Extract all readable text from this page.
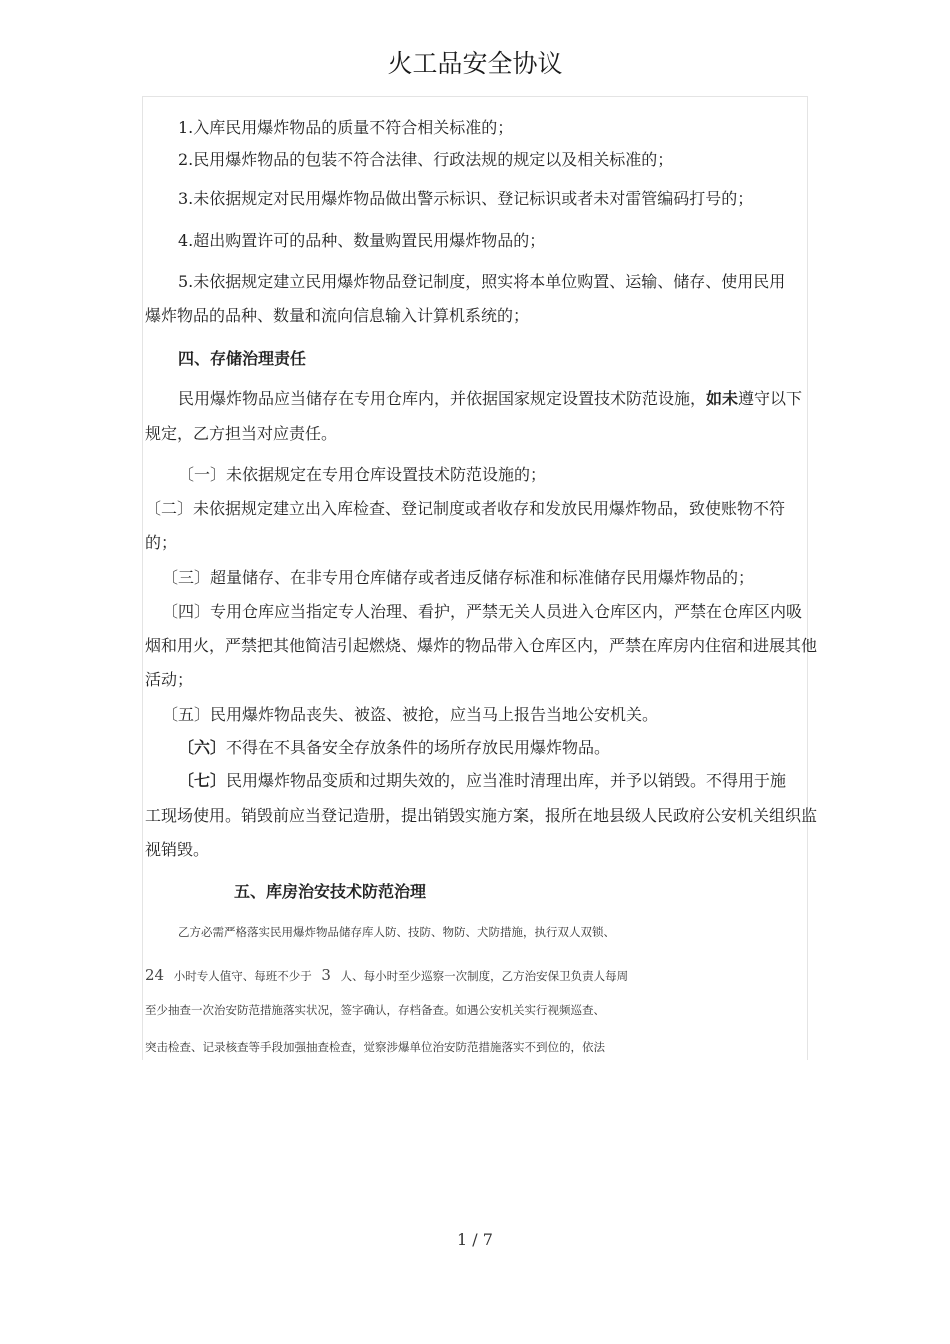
火工品安全协议
1.入库民用爆炸物品的质量不符合相关标准的；
2.民用爆炸物品的包装不符合法律、行政法规的规定以及相关标准的；
3.未依据规定对民用爆炸物品做出警示标识、登记标识或者未对雷管编码打号的；
4.超出购置许可的品种、数量购置民用爆炸物品的；
5.未依据规定建立民用爆炸物品登记制度，照实将本单位购置、运输、储存、使用民用
爆炸物品的品种、数量和流向信息输入计算机系统的；
四、存储治理责任
民用爆炸物品应当储存在专用仓库内，并依据国家规定设置技术防范设施，如未遵守以下
规定，乙方担当对应责任。
〔一〕未依据规定在专用仓库设置技术防范设施的；
〔二〕未依据规定建立出入库检查、登记制度或者收存和发放民用爆炸物品，致使账物不符
的；
〔三〕超量储存、在非专用仓库储存或者违反储存标准和标准储存民用爆炸物品的；
〔四〕专用仓库应当指定专人治理、看护，严禁无关人员进入仓库区内，严禁在仓库区内吸
烟和用火，严禁把其他简洁引起燃烧、爆炸的物品带入仓库区内，严禁在库房内住宿和进展其他
活动；
〔五〕民用爆炸物品丧失、被盗、被抢，应当马上报告当地公安机关。
〔六〕不得在不具备安全存放条件的场所存放民用爆炸物品。
〔七〕民用爆炸物品变质和过期失效的，应当准时清理出库，并予以销毁。不得用于施
工现场使用。销毁前应当登记造册，提出销毁实施方案，报所在地县级人民政府公安机关组织监
视销毁。
五、库房治安技术防范治理
乙方必需严格落实民用爆炸物品储存库人防、技防、物防、犬防措施，执行双人双锁、
24 小时专人值守、每班不少于 3 人、每小时至少巡察一次制度，乙方治安保卫负责人每周
至少抽查一次治安防范措施落实状况，签字确认，存档备查。如遇公安机关实行视频巡查、
突击检查、记录核查等手段加强抽查检查，觉察涉爆单位治安防范措施落实不到位的，依法
1 / 7
